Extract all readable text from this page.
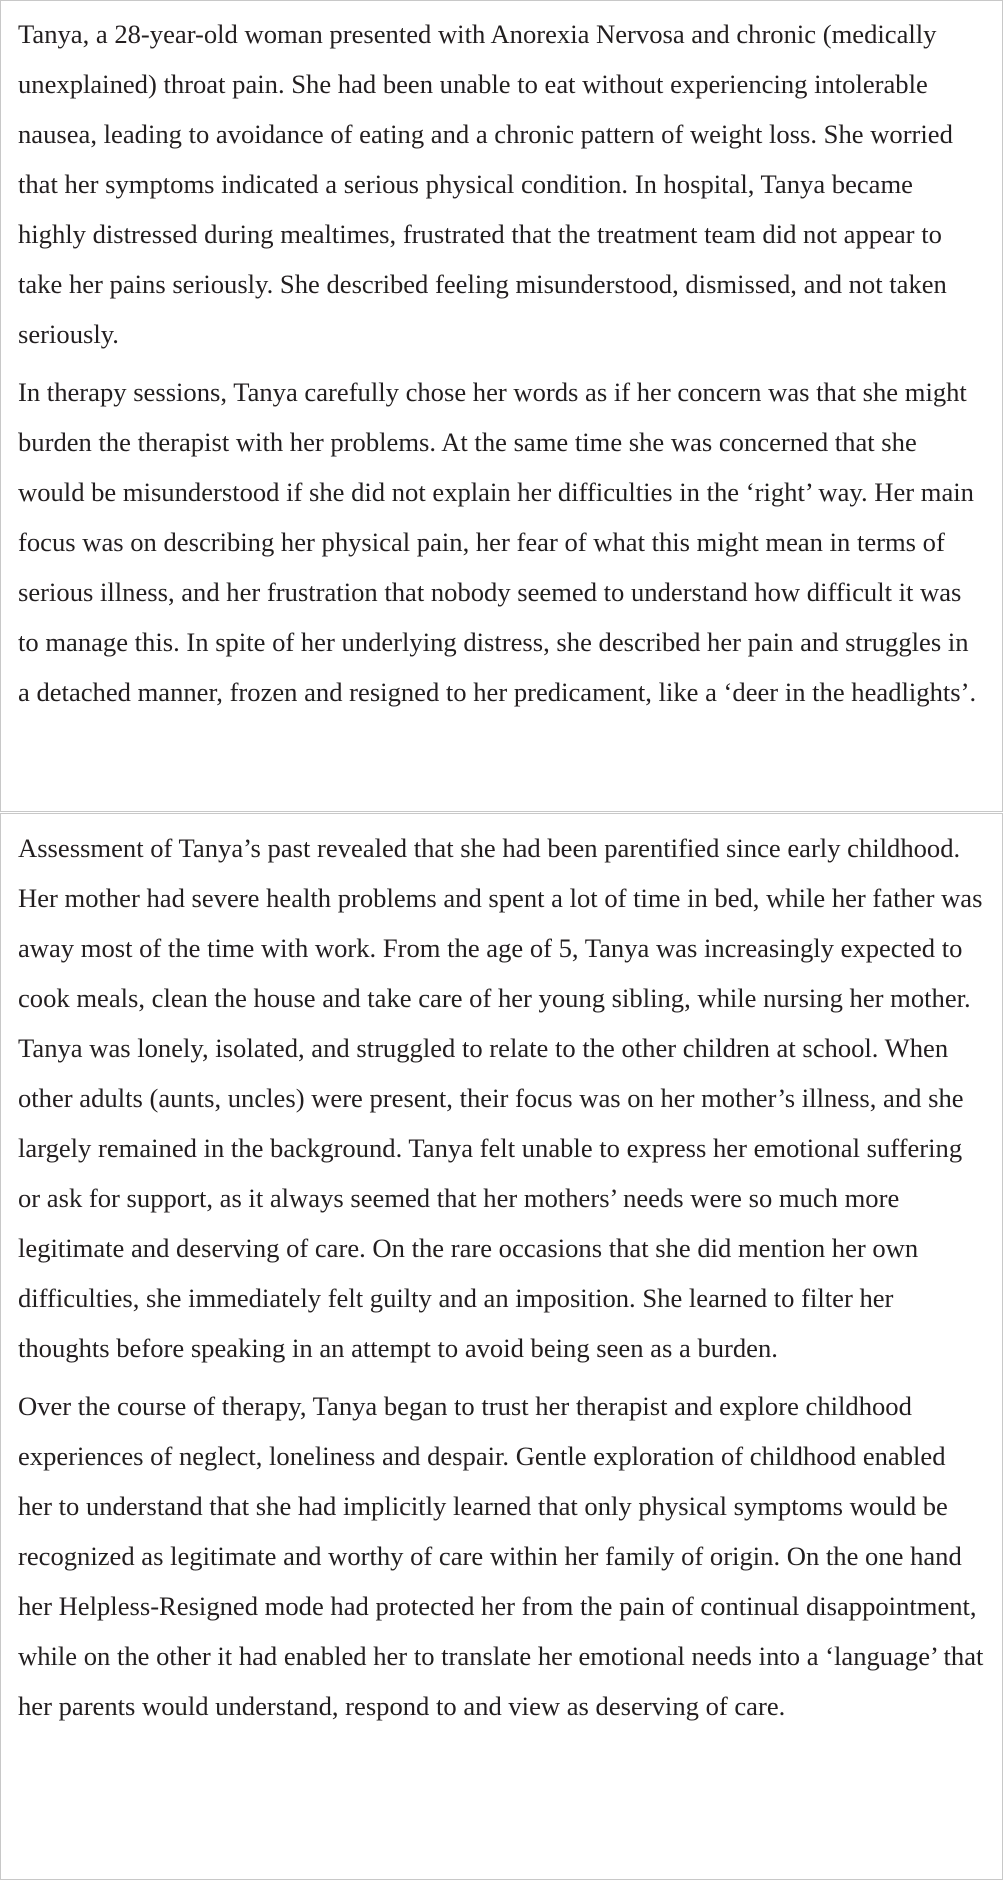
Tanya, a 28-year-old woman presented with Anorexia Nervosa and chronic (medically unexplained) throat pain. She had been unable to eat without experiencing intolerable nausea, leading to avoidance of eating and a chronic pattern of weight loss. She worried that her symptoms indicated a serious physical condition. In hospital, Tanya became highly distressed during mealtimes, frustrated that the treatment team did not appear to take her pains seriously. She described feeling misunderstood, dismissed, and not taken seriously.

In therapy sessions, Tanya carefully chose her words as if her concern was that she might burden the therapist with her problems. At the same time she was concerned that she would be misunderstood if she did not explain her difficulties in the ‘right’ way. Her main focus was on describing her physical pain, her fear of what this might mean in terms of serious illness, and her frustration that nobody seemed to understand how difficult it was to manage this. In spite of her underlying distress, she described her pain and struggles in a detached manner, frozen and resigned to her predicament, like a ‘deer in the headlights’.

Assessment of Tanya’s past revealed that she had been parentified since early childhood. Her mother had severe health problems and spent a lot of time in bed, while her father was away most of the time with work. From the age of 5, Tanya was increasingly expected to cook meals, clean the house and take care of her young sibling, while nursing her mother. Tanya was lonely, isolated, and struggled to relate to the other children at school. When other adults (aunts, uncles) were present, their focus was on her mother’s illness, and she largely remained in the background. Tanya felt unable to express her emotional suffering or ask for support, as it always seemed that her mothers’ needs were so much more legitimate and deserving of care. On the rare occasions that she did mention her own difficulties, she immediately felt guilty and an imposition. She learned to filter her thoughts before speaking in an attempt to avoid being seen as a burden.

Over the course of therapy, Tanya began to trust her therapist and explore childhood experiences of neglect, loneliness and despair. Gentle exploration of childhood enabled her to understand that she had implicitly learned that only physical symptoms would be recognized as legitimate and worthy of care within her family of origin. On the one hand her Helpless-Resigned mode had protected her from the pain of continual disappointment, while on the other it had enabled her to translate her emotional needs into a ‘language’ that her parents would understand, respond to and view as deserving of care.
